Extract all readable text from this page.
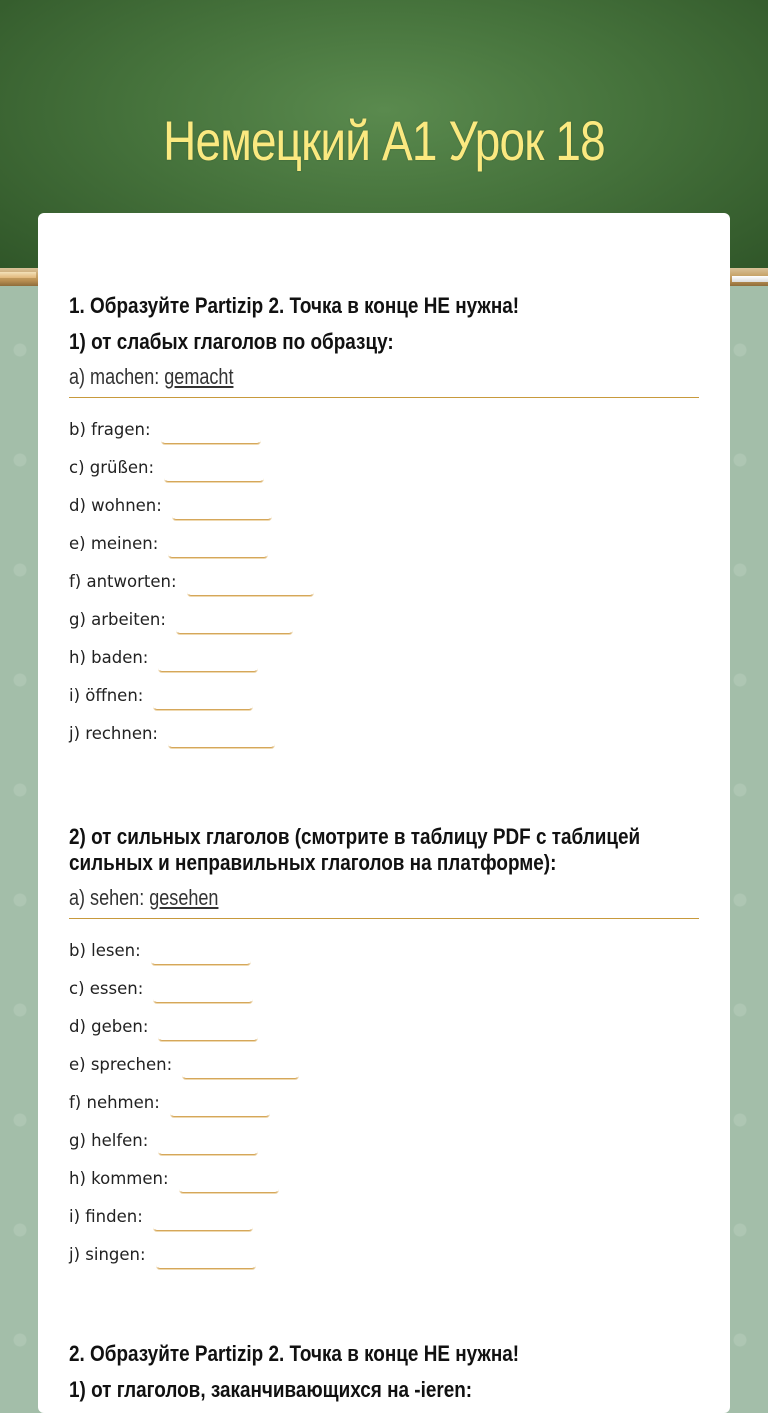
Немецкий A1 Урок 18
1. Образуйте Partizip 2. Точка в конце НЕ нужна!
1) от слабых глаголов по образцу:
a) machen: gemacht
b) fragen:
c) grüßen:
d) wohnen:
e) meinen:
f) antworten:
g) arbeiten:
h) baden:
i) öffnen:
j) rechnen:
2) от сильных глаголов (смотрите в таблицу PDF с таблицей сильных и неправильных глаголов на платформе):
a) sehen: gesehen
b) lesen:
c) essen:
d) geben:
e) sprechen:
f) nehmen:
g) helfen:
h) kommen:
i) finden:
j) singen:
2. Образуйте Partizip 2. Точка в конце НЕ нужна!
1) от глаголов, заканчивающихся на -ieren:
